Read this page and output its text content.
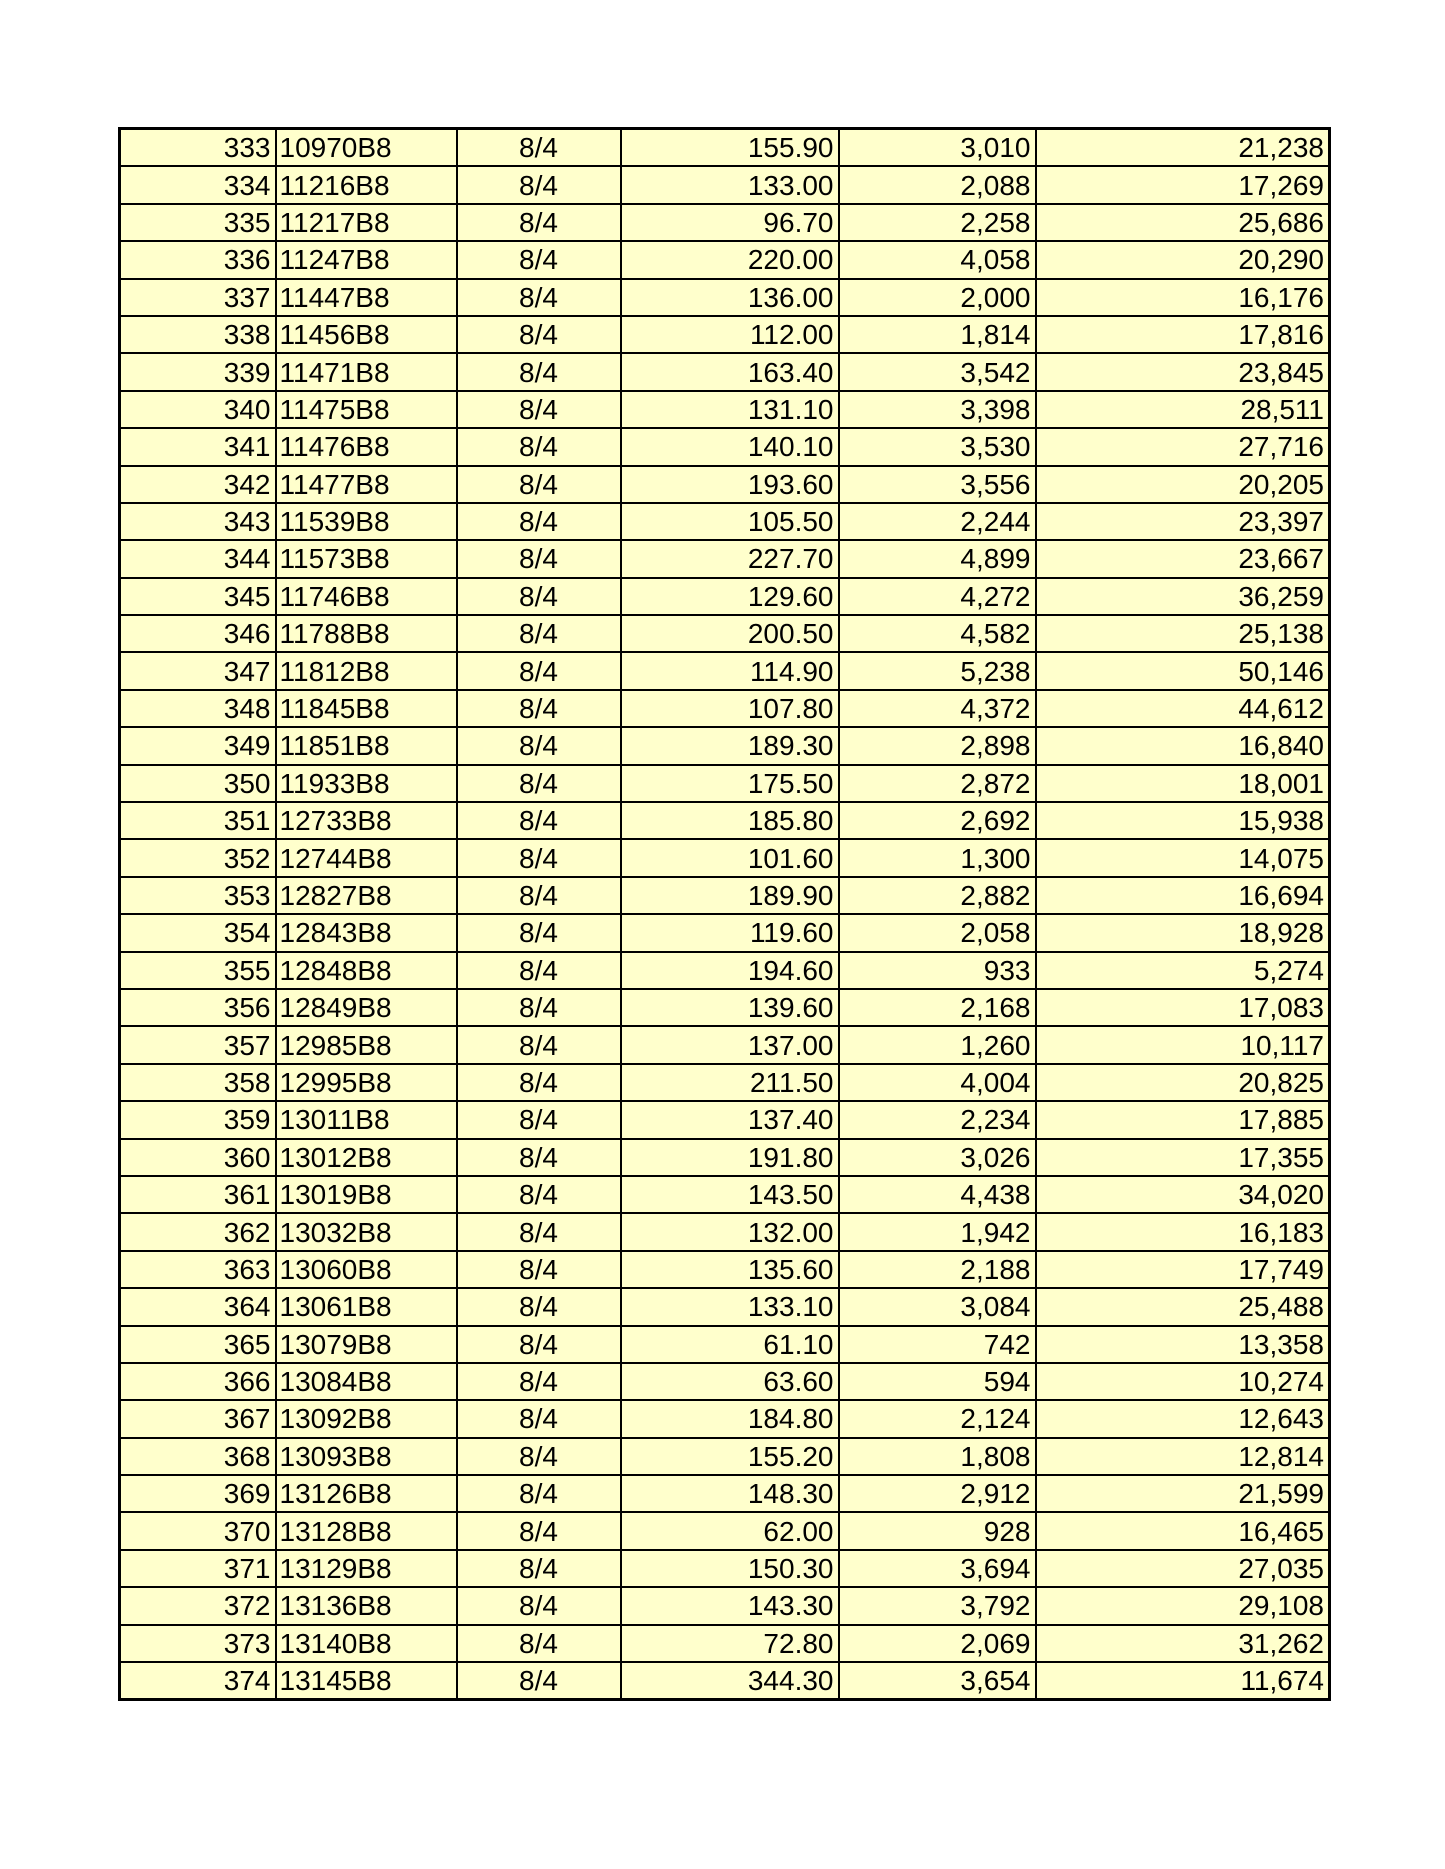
333	10970B8	8/4	155.90	3,010	21,238
334	11216B8	8/4	133.00	2,088	17,269
335	11217B8	8/4	96.70	2,258	25,686
336	11247B8	8/4	220.00	4,058	20,290
337	11447B8	8/4	136.00	2,000	16,176
338	11456B8	8/4	112.00	1,814	17,816
339	11471B8	8/4	163.40	3,542	23,845
340	11475B8	8/4	131.10	3,398	28,511
341	11476B8	8/4	140.10	3,530	27,716
342	11477B8	8/4	193.60	3,556	20,205
343	11539B8	8/4	105.50	2,244	23,397
344	11573B8	8/4	227.70	4,899	23,667
345	11746B8	8/4	129.60	4,272	36,259
346	11788B8	8/4	200.50	4,582	25,138
347	11812B8	8/4	114.90	5,238	50,146
348	11845B8	8/4	107.80	4,372	44,612
349	11851B8	8/4	189.30	2,898	16,840
350	11933B8	8/4	175.50	2,872	18,001
351	12733B8	8/4	185.80	2,692	15,938
352	12744B8	8/4	101.60	1,300	14,075
353	12827B8	8/4	189.90	2,882	16,694
354	12843B8	8/4	119.60	2,058	18,928
355	12848B8	8/4	194.60	933	5,274
356	12849B8	8/4	139.60	2,168	17,083
357	12985B8	8/4	137.00	1,260	10,117
358	12995B8	8/4	211.50	4,004	20,825
359	13011B8	8/4	137.40	2,234	17,885
360	13012B8	8/4	191.80	3,026	17,355
361	13019B8	8/4	143.50	4,438	34,020
362	13032B8	8/4	132.00	1,942	16,183
363	13060B8	8/4	135.60	2,188	17,749
364	13061B8	8/4	133.10	3,084	25,488
365	13079B8	8/4	61.10	742	13,358
366	13084B8	8/4	63.60	594	10,274
367	13092B8	8/4	184.80	2,124	12,643
368	13093B8	8/4	155.20	1,808	12,814
369	13126B8	8/4	148.30	2,912	21,599
370	13128B8	8/4	62.00	928	16,465
371	13129B8	8/4	150.30	3,694	27,035
372	13136B8	8/4	143.30	3,792	29,108
373	13140B8	8/4	72.80	2,069	31,262
374	13145B8	8/4	344.30	3,654	11,674
